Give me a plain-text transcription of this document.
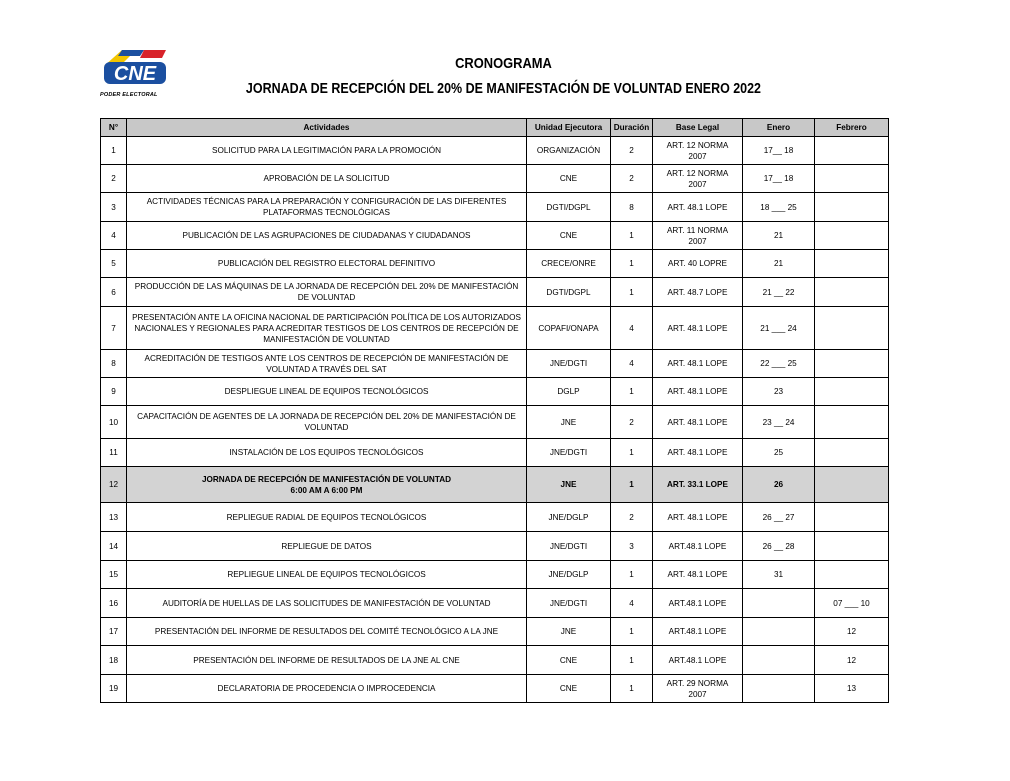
CNE
PODER ELECTORAL
CRONOGRAMA
JORNADA DE RECEPCIÓN DEL 20% DE MANIFESTACIÓN DE VOLUNTAD ENERO 2022
N°	Actividades	Unidad Ejecutora	Duración	Base Legal	Enero	Febrero
1	SOLICITUD PARA LA LEGITIMACIÓN PARA LA PROMOCIÓN	ORGANIZACIÓN	2	ART. 12 NORMA 2007	17__ 18	
2	APROBACIÓN DE LA SOLICITUD	CNE	2	ART. 12 NORMA 2007	17__ 18	
3	ACTIVIDADES TÉCNICAS PARA LA PREPARACIÓN Y CONFIGURACIÓN DE LAS DIFERENTES PLATAFORMAS TECNOLÓGICAS	DGTI/DGPL	8	ART. 48.1 LOPE	18 ___ 25	
4	PUBLICACIÓN DE LAS AGRUPACIONES DE CIUDADANAS Y CIUDADANOS	CNE	1	ART. 11 NORMA 2007	21	
5	PUBLICACIÓN DEL REGISTRO ELECTORAL DEFINITIVO	CRECE/ONRE	1	ART. 40 LOPRE	21	
6	PRODUCCIÓN DE LAS MÁQUINAS DE LA JORNADA DE RECEPCIÓN DEL 20% DE MANIFESTACIÓN DE VOLUNTAD	DGTI/DGPL	1	ART. 48.7 LOPE	21 __ 22	
7	PRESENTACIÓN ANTE LA OFICINA NACIONAL DE PARTICIPACIÓN POLÍTICA DE LOS AUTORIZADOS NACIONALES Y REGIONALES PARA ACREDITAR TESTIGOS DE LOS CENTROS DE RECEPCIÓN DE MANIFESTACIÓN DE VOLUNTAD	COPAFI/ONAPA	4	ART. 48.1 LOPE	21 ___ 24	
8	ACREDITACIÓN DE TESTIGOS ANTE LOS CENTROS DE RECEPCIÓN DE MANIFESTACIÓN DE VOLUNTAD A TRAVÉS DEL SAT	JNE/DGTI	4	ART. 48.1 LOPE	22 ___ 25	
9	DESPLIEGUE LINEAL DE EQUIPOS TECNOLÓGICOS	DGLP	1	ART. 48.1 LOPE	23	
10	CAPACITACIÓN DE AGENTES DE LA JORNADA DE RECEPCIÓN DEL 20% DE MANIFESTACIÓN DE VOLUNTAD	JNE	2	ART. 48.1 LOPE	23 __ 24	
11	INSTALACIÓN DE LOS EQUIPOS TECNOLÓGICOS	JNE/DGTI	1	ART. 48.1 LOPE	25	
12	JORNADA DE RECEPCIÓN DE MANIFESTACIÓN DE VOLUNTAD
6:00 AM A 6:00 PM	JNE	1	ART. 33.1 LOPE	26	
13	REPLIEGUE RADIAL DE EQUIPOS TECNOLÓGICOS	JNE/DGLP	2	ART. 48.1 LOPE	26 __ 27	
14	REPLIEGUE DE DATOS	JNE/DGTI	3	ART.48.1 LOPE	26 __ 28	
15	REPLIEGUE LINEAL DE EQUIPOS TECNOLÓGICOS	JNE/DGLP	1	ART. 48.1 LOPE	31	
16	AUDITORÍA DE HUELLAS DE LAS SOLICITUDES DE MANIFESTACIÓN DE VOLUNTAD	JNE/DGTI	4	ART.48.1 LOPE		07 ___ 10
17	PRESENTACIÓN DEL INFORME DE RESULTADOS DEL COMITÉ TECNOLÓGICO A LA JNE	JNE	1	ART.48.1 LOPE		12
18	PRESENTACIÓN DEL INFORME DE RESULTADOS DE LA JNE AL CNE	CNE	1	ART.48.1 LOPE		12
19	DECLARATORIA DE PROCEDENCIA O IMPROCEDENCIA	CNE	1	ART. 29 NORMA 2007		13
